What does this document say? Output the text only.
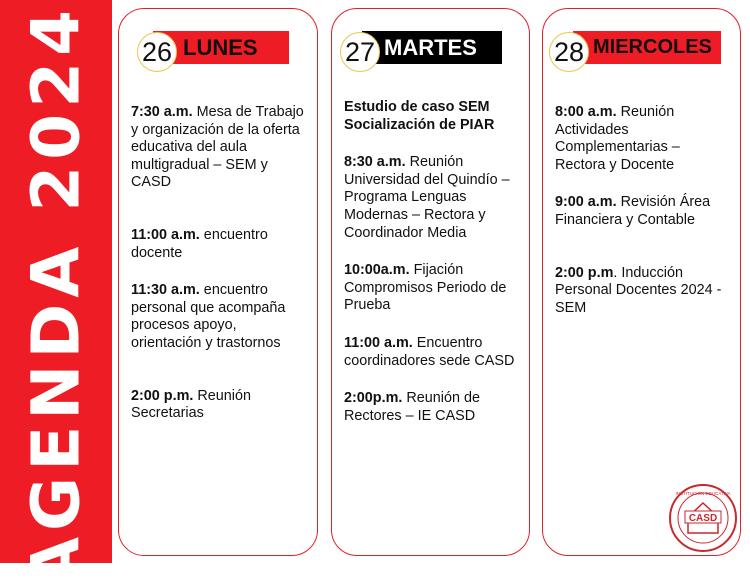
AGENDA 2024 26 LUNES

7:30 a.m. Mesa de Trabajo y organización de la oferta educativa del aula multigradual – SEM y CASD

11:00 a.m. encuentro docente

11:30 a.m. encuentro personal que acompaña procesos apoyo, orientación y trastornos

2:00 p.m. Reunión Secretarias

27 MARTES

Estudio de caso SEM Socialización de PIAR

8:30 a.m. Reunión Universidad del Quindío – Programa Lenguas Modernas – Rectora y Coordinador Media

10:00a.m. Fijación Compromisos Periodo de Prueba

11:00 a.m. Encuentro coordinadores sede CASD

2:00p.m. Reunión de Rectores – IE CASD

28 MIERCOLES

8:00 a.m. Reunión Actividades Complementarias – Rectora y Docente

9:00 a.m. Revisión Área Financiera y Contable

2:00 p.m. Inducción Personal Docentes 2024 - SEM

CASD
INSTITUCIÓN EDUCATIVA
